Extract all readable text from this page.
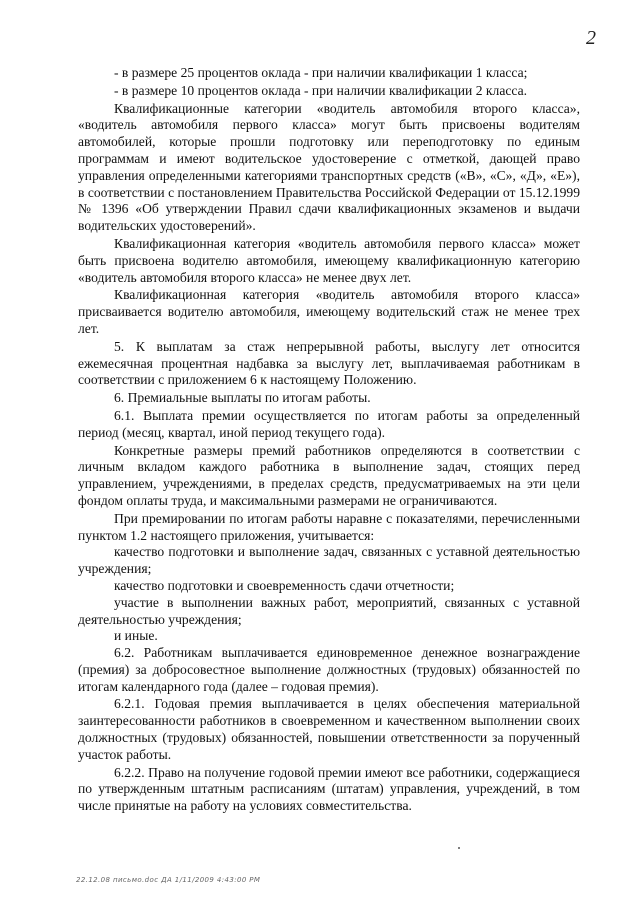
2

- в размере 25 процентов оклада - при наличии квалификации 1 класса;

- в размере 10 процентов оклада - при наличии квалификации 2 класса.

Квалификационные категории «водитель автомобиля второго класса», «водитель автомобиля первого класса» могут быть присвоены водителям автомобилей, которые прошли подготовку или переподготовку по единым программам и имеют водительское удостоверение с отметкой, дающей право управления определенными категориями транспортных средств («В», «С», «Д», «Е»), в соответствии с постановлением Правительства Российской Федерации от 15.12.1999 № 1396 «Об утверждении Правил сдачи квалификационных экзаменов и выдачи водительских удостоверений».

Квалификационная категория «водитель автомобиля первого класса» может быть присвоена водителю автомобиля, имеющему квалификационную категорию «водитель автомобиля второго класса» не менее двух лет.

Квалификационная категория «водитель автомобиля второго класса» присваивается водителю автомобиля, имеющему водительский стаж не менее трех лет.

5. К выплатам за стаж непрерывной работы, выслугу лет относится ежемесячная процентная надбавка за выслугу лет, выплачиваемая работникам в соответствии с приложением 6 к настоящему Положению.

6. Премиальные выплаты по итогам работы.

6.1. Выплата премии осуществляется по итогам работы за определенный период (месяц, квартал, иной период текущего года).

Конкретные размеры премий работников определяются в соответствии с личным вкладом каждого работника в выполнение задач, стоящих перед управлением, учреждениями, в пределах средств, предусматриваемых на эти цели фондом оплаты труда, и максимальными размерами не ограничиваются.

При премировании по итогам работы наравне с показателями, перечисленными пунктом 1.2 настоящего приложения, учитывается:

качество подготовки и выполнение задач, связанных с уставной деятельностью учреждения;
качество подготовки и своевременность сдачи отчетности;
участие в выполнении важных работ, мероприятий, связанных с уставной деятельностью учреждения;
и иные.

6.2. Работникам выплачивается единовременное денежное вознаграждение (премия) за добросовестное выполнение должностных (трудовых) обязанностей по итогам календарного года (далее – годовая премия).

6.2.1. Годовая премия выплачивается в целях обеспечения материальной заинтересованности работников в своевременном и качественном выполнении своих должностных (трудовых) обязанностей, повышении ответственности за порученный участок работы.

6.2.2. Право на получение годовой премии имеют все работники, содержащиеся по утвержденным штатным расписаниям (штатам) управления, учреждений, в том числе принятые на работу на условиях совместительства.

22.12.08 письмо.doc ДА 1/11/2009 4:43:00 PM
